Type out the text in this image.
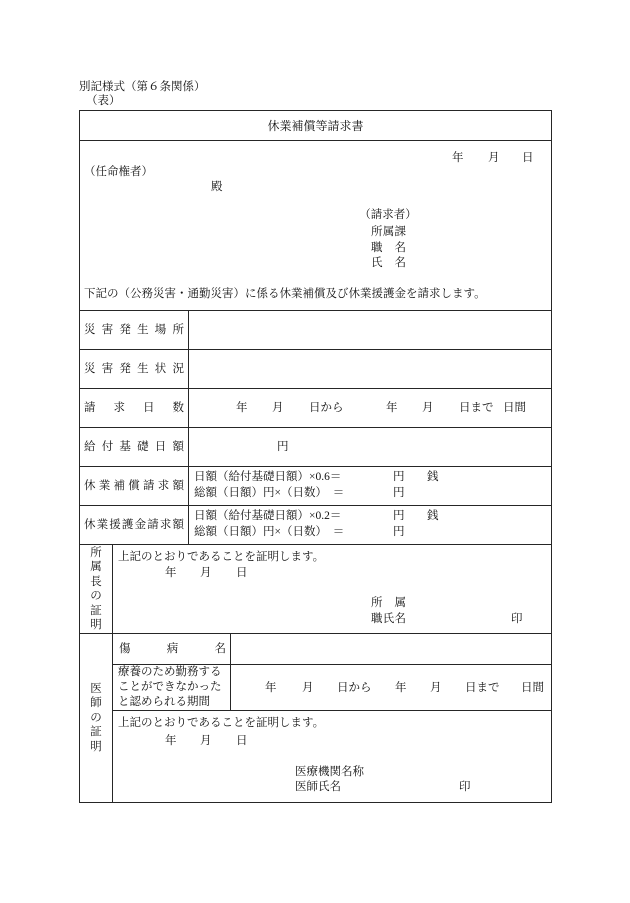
別記様式（第６条関係）
（表）
休業補償等請求書
年 月 日
（任命権者）
殿
（請求者）
所 属 課
職 名
氏 名
下記の（公務災害・通勤災害）に係る休業補償及び休業援護金を請求します。
災 害 発 生 場 所
災 害 発 生 状 況
請 求 日 数	年 月 日から	年 月 日まで 日間
給 付 基 礎 日 額	円
休 業 補 償 請 求 額
日額（給付基礎日額）×0.6＝	円 銭
総額（日額）円×（日数）　＝	円
休 業 援 護 金 請 求 額
日額（給付基礎日額）×0.2＝	円 銭
総額（日額）円×（日数）　＝	円
所
属
長
の
証
明
上記のとおりであることを証明します。
年 月 日
所 属
職 氏 名	印
医
師
の
証
明
傷	病	名
療養のため勤務する
ことができなかった
と認められる期間
年 月 日から 年 月 日まで 日間
上記のとおりであることを証明します。
年 月 日
医療機関名称
医師氏名	印
